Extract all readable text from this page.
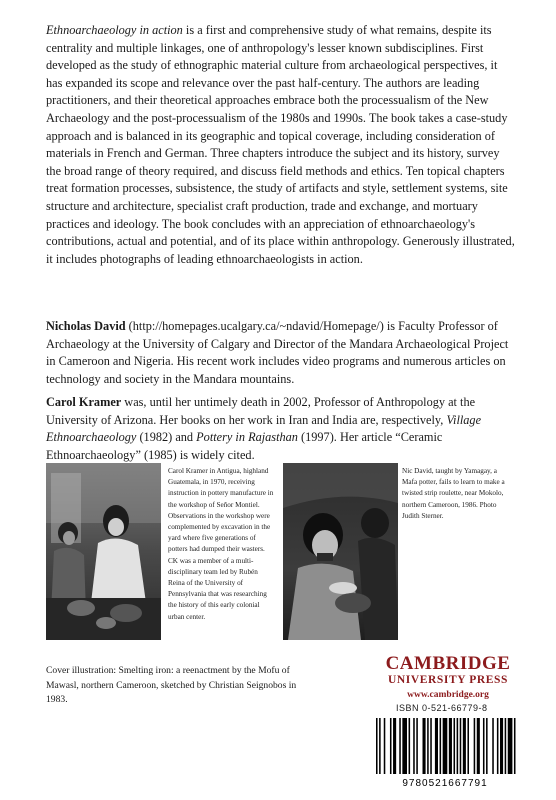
Ethnoarchaeology in action is a first and comprehensive study of what remains, despite its centrality and multiple linkages, one of anthropology's lesser known subdisciplines. First developed as the study of ethnographic material culture from archaeological perspectives, it has expanded its scope and relevance over the past half-century. The authors are leading practitioners, and their theoretical approaches embrace both the processualism of the New Archaeology and the post-processualism of the 1980s and 1990s. The book takes a case-study approach and is balanced in its geographic and topical coverage, including consideration of materials in French and German. Three chapters introduce the subject and its history, survey the broad range of theory required, and discuss field methods and ethics. Ten topical chapters treat formation processes, subsistence, the study of artifacts and style, settlement systems, site structure and architecture, specialist craft production, trade and exchange, and mortuary practices and ideology. The book concludes with an appreciation of ethnoarchaeology's contributions, actual and potential, and of its place within anthropology. Generously illustrated, it includes photographs of leading ethnoarchaeologists in action.

Nicholas David (http://homepages.ucalgary.ca/~ndavid/Homepage/) is Faculty Professor of Archaeology at the University of Calgary and Director of the Mandara Archaeological Project in Cameroon and Nigeria. His recent work includes video programs and numerous articles on technology and society in the Mandara mountains.

Carol Kramer was, until her untimely death in 2002, Professor of Anthropology at the University of Arizona. Her books on her work in Iran and India are, respectively, Village Ethnoarchaeology (1982) and Pottery in Rajasthan (1997). Her article “Ceramic Ethnoarchaeology” (1985) is widely cited.

Carol Kramer in Antigua, highland Guatemala, in 1970, receiving instruction in pottery manufacture in the workshop of Señor Montiel. Observations in the workshop were complemented by excavation in the yard where five generations of potters had dumped their wasters. CK was a member of a multi-disciplinary team led by Rubén Reina of the University of Pennsylvania that was researching the history of this early colonial urban center.

Nic David, taught by Yamagay, a Mafa potter, fails to learn to make a twisted strip roulette, near Mokolo, northern Cameroon, 1986. Photo Judith Sterner.

Cover illustration: Smelting iron: a reenactment by the Mofu of Mawasl, northern Cameroon, sketched by Christian Seignobos in 1983.

CAMBRIDGE
UNIVERSITY PRESS
www.cambridge.org
ISBN 0-521-66779-8
9780521667791
